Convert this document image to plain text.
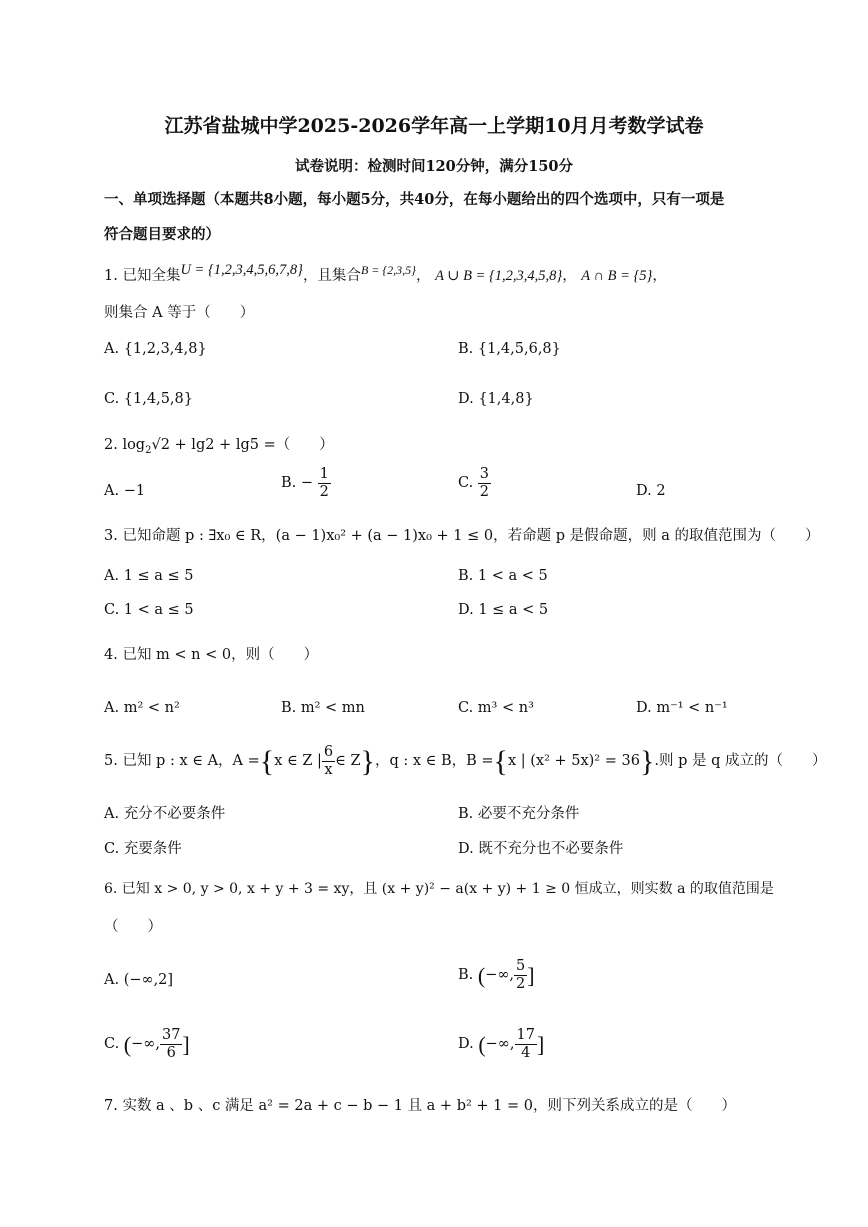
江苏省盐城中学2025-2026学年高一上学期10月月考数学试卷
试卷说明：检测时间120分钟，满分150分
一、单项选择题（本题共8小题，每小题5分，共40分，在每小题给出的四个选项中，只有一项是
符合题目要求的）
1. 已知全集U = {1,2,3,4,5,6,7,8}，且集合$^{B = \{2,3,5\}}$， A ∪ B = {1,2,3,4,5,8}， A ∩ B = {5}，
则集合 A 等于（　　）
A. {1,2,3,4,8}	B. {1,4,5,6,8}
C. {1,4,5,8}	D. {1,4,8}
2. $\log_2√2 + \lg 2 + \lg 5$ =（　　）
A. −1	B. − $\frac{1}{2}$	C. $\frac{3}{2}$	D. 2
3. 已知命题 p : ∃x₀ ∈ R，(a − 1)x₀² + (a − 1)x₀ + 1 ≤ 0，若命题 p 是假命题，则 a 的取值范围为（　　）
A. 1 ≤ a ≤ 5	B. 1 < a < 5
C. 1 < a ≤ 5	D. 1 ≤ a < 5
4. 已知 m < n < 0，则（　　）
A. m² < n²	B. m² < mn	C. m³ < n³	D. m⁻¹ < n⁻¹
5. 已知 p : x ∈ A，A ={x ∈ Z | $\frac{6}{x}$ ∈ Z}，q : x ∈ B，B ={x | (x² + 5x)² = 36}.则 p 是 q 成立的（　　）
A. 充分不必要条件	B. 必要不充分条件
C. 充要条件	D. 既不充分也不必要条件
6. 已知 x > 0, y > 0, x + y + 3 = xy，且 (x + y)² − a(x + y) + 1 ≥ 0 恒成立，则实数 a 的取值范围是
（　　）
A. (−∞,2]	B. (−∞, $\frac{5}{2}$ ]
C. (−∞, $\frac{37}{6}$ ]	D. (−∞, $\frac{17}{4}$ ]
7. 实数 a 、b 、c 满足 a² = 2a + c − b − 1 且 a + b² + 1 = 0，则下列关系成立的是（　　）
